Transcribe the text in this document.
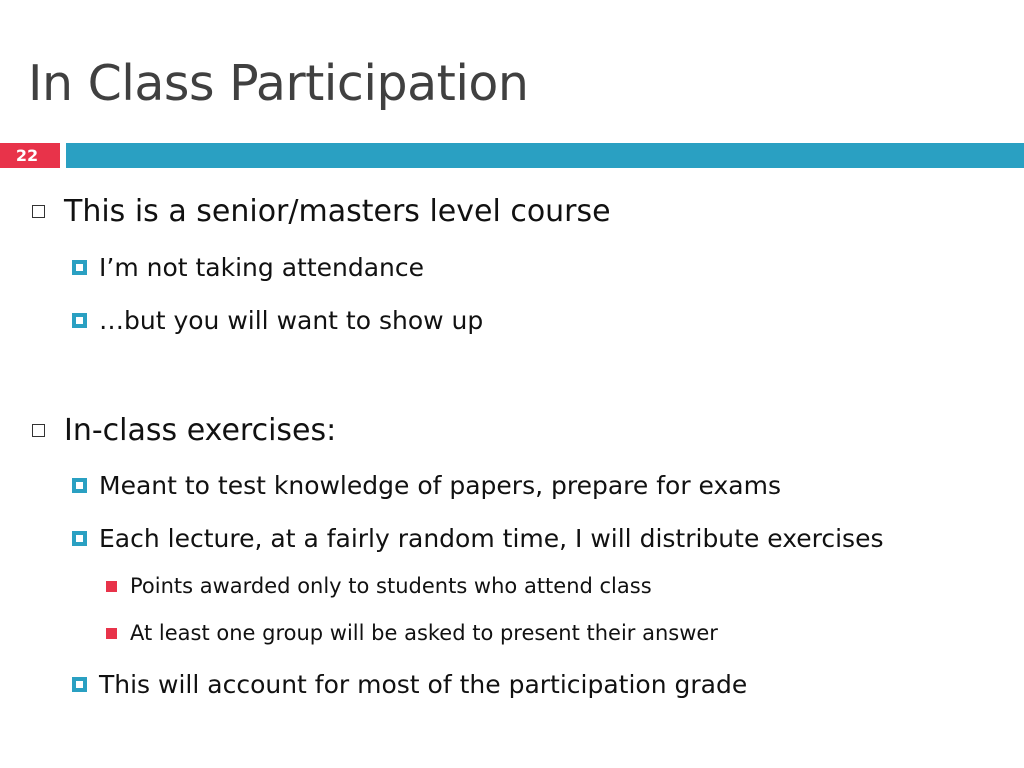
In Class Participation
22
This is a senior/masters level course
I’m not taking attendance
…but you will want to show up
In-class exercises:
Meant to test knowledge of papers, prepare for exams
Each lecture, at a fairly random time, I will distribute exercises
Points awarded only to students who attend class
At least one group will be asked to present their answer
This will account for most of the participation grade
